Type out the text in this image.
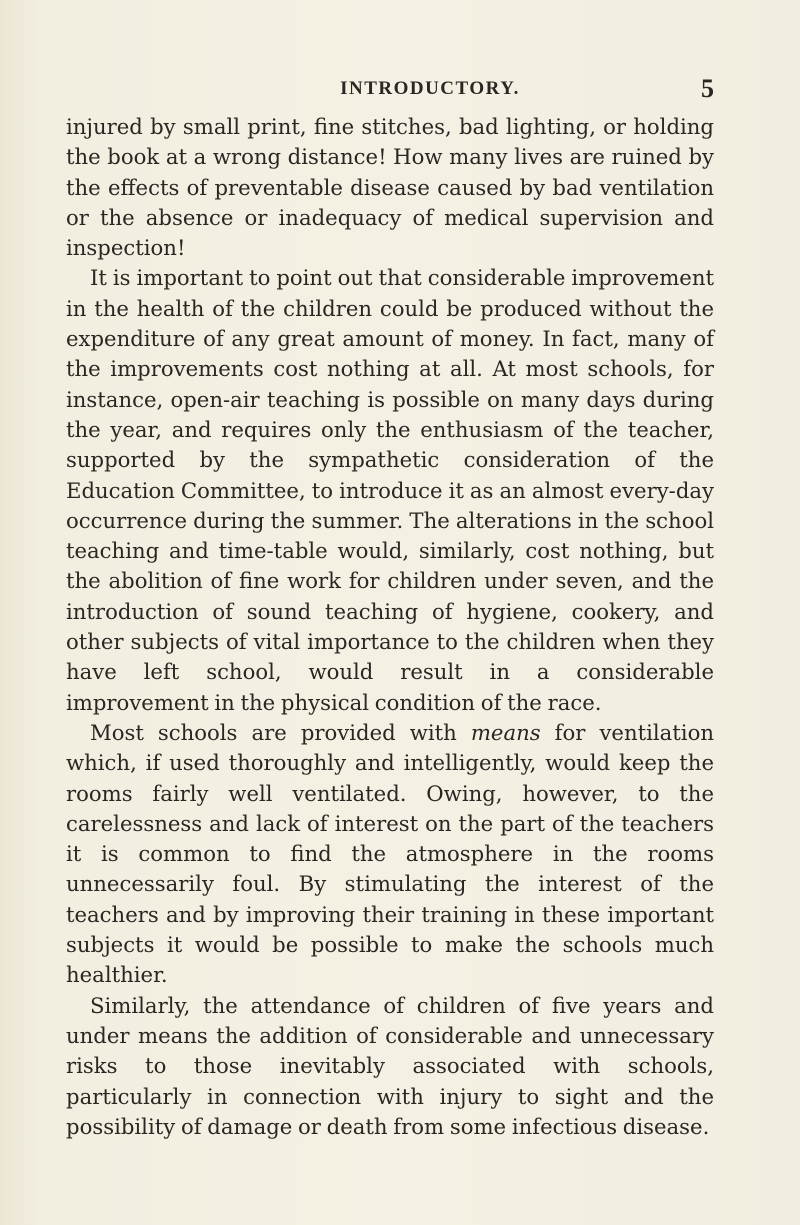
INTRODUCTORY.	5

injured by small print, fine stitches, bad lighting, or holding the book at a wrong distance! How many lives are ruined by the effects of preventable disease caused by bad ventilation or the absence or inadequacy of medical supervision and inspection!

It is important to point out that considerable improvement in the health of the children could be produced without the expenditure of any great amount of money. In fact, many of the improvements cost nothing at all. At most schools, for instance, open-air teaching is possible on many days during the year, and requires only the enthusiasm of the teacher, supported by the sympathetic consideration of the Education Committee, to introduce it as an almost every-day occurrence during the summer. The alterations in the school teaching and time-table would, similarly, cost nothing, but the abolition of fine work for children under seven, and the introduction of sound teaching of hygiene, cookery, and other subjects of vital importance to the children when they have left school, would result in a considerable improvement in the physical condition of the race.

Most schools are provided with means for ventilation which, if used thoroughly and intelligently, would keep the rooms fairly well ventilated. Owing, however, to the carelessness and lack of interest on the part of the teachers it is common to find the atmosphere in the rooms unnecessarily foul. By stimulating the interest of the teachers and by improving their training in these important subjects it would be possible to make the schools much healthier.

Similarly, the attendance of children of five years and under means the addition of considerable and unnecessary risks to those inevitably associated with schools, particularly in connection with injury to sight and the possibility of damage or death from some infectious disease.
